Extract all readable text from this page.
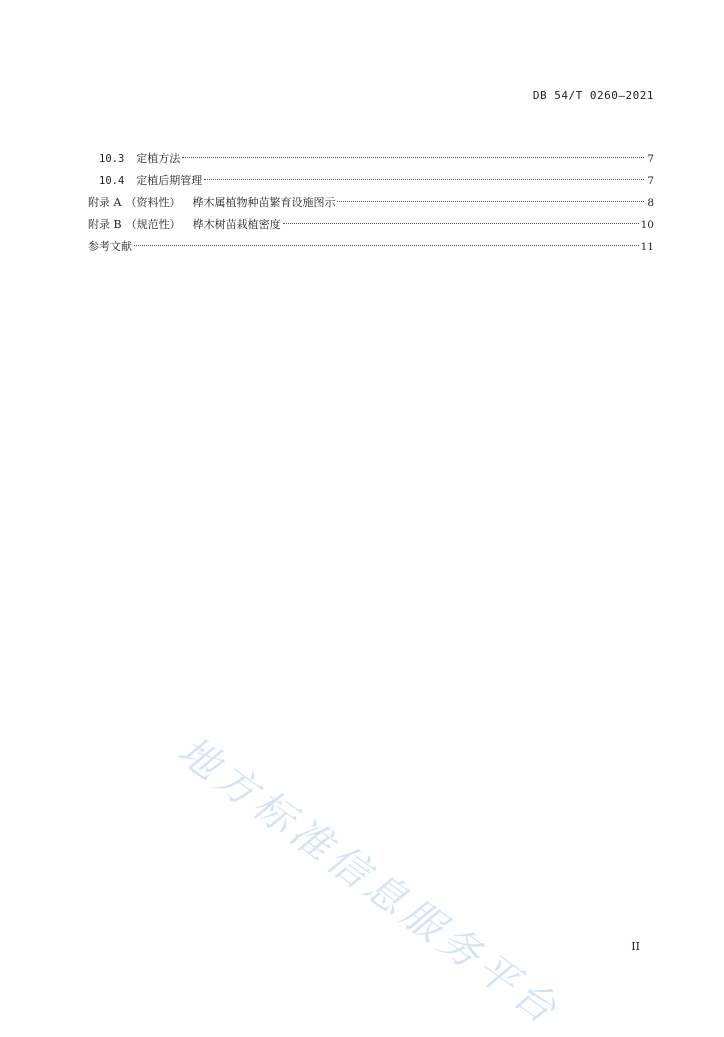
DB 54/T 0260—2021
10.3 定植方法	7
10.4 定植后期管理	7
附录 A （资料性） 桦木属植物种苗繁育设施图示	8
附录 B （规范性） 桦木树苗栽植密度	10
参考文献	11
地方标准信息服务平台	II
